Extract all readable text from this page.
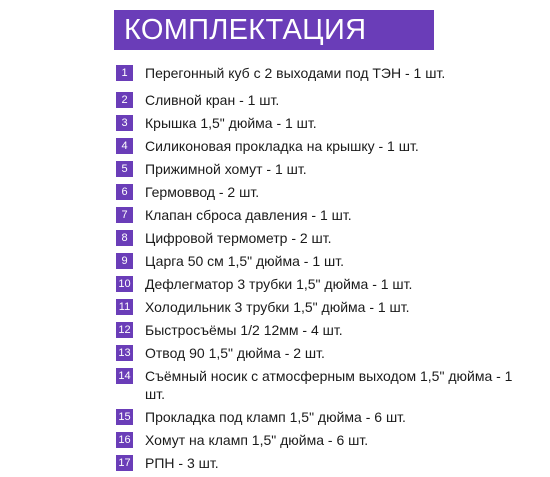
КОМПЛЕКТАЦИЯ
1	Перегонный куб с 2 выходами под ТЭН - 1 шт.
2	Сливной кран - 1 шт.
3	Крышка 1,5" дюйма - 1 шт.
4	Силиконовая прокладка на крышку - 1 шт.
5	Прижимной хомут - 1 шт.
6	Гермоввод - 2 шт.
7	Клапан сброса давления - 1 шт.
8	Цифровой термометр - 2 шт.
9	Царга 50 см 1,5" дюйма - 1 шт.
10	Дефлегматор 3 трубки 1,5" дюйма - 1 шт.
11	Холодильник 3 трубки 1,5" дюйма - 1 шт.
12	Быстросъёмы 1/2 12мм - 4 шт.
13	Отвод 90 1,5" дюйма - 2 шт.
14	Съёмный носик с атмосферным выходом 1,5" дюйма - 1 шт.
15	Прокладка под кламп 1,5" дюйма - 6 шт.
16	Хомут на кламп 1,5" дюйма - 6 шт.
17	РПН - 3 шт.
